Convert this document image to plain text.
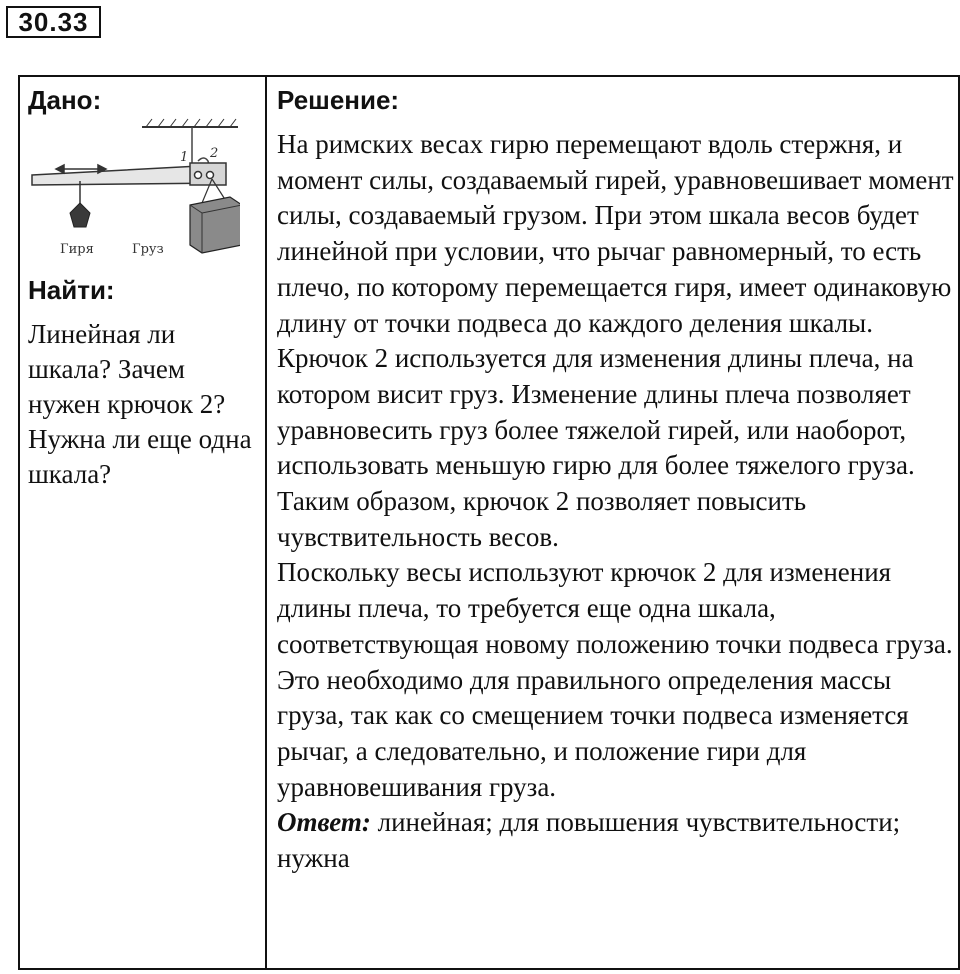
30.33
Дано:
1 2
Гиря	Груз
Найти:
Линейная ли шкала? Зачем нужен крючок 2? Нужна ли еще одна шкала?
Решение:

На римских весах гирю перемещают вдоль стержня, и момент силы, создаваемый гирей, уравновешивает момент силы, создаваемый грузом. При этом шкала весов будет линейной при условии, что рычаг равномерный, то есть плечо, по которому перемещается гиря, имеет одинаковую длину от точки подвеса до каждого деления шкалы.

Крючок 2 используется для изменения длины плеча, на котором висит груз. Изменение длины плеча позволяет уравновесить груз более тяжелой гирей, или наоборот, использовать меньшую гирю для более тяжелого груза. Таким образом, крючок 2 позволяет повысить чувствительность весов.

Поскольку весы используют крючок 2 для изменения длины плеча, то требуется еще одна шкала, соответствующая новому положению точки подвеса груза. Это необходимо для правильного определения массы груза, так как со смещением точки подвеса изменяется рычаг, а следовательно, и положение гири для уравновешивания груза.

Ответ: линейная; для повышения чувствительности; нужна
